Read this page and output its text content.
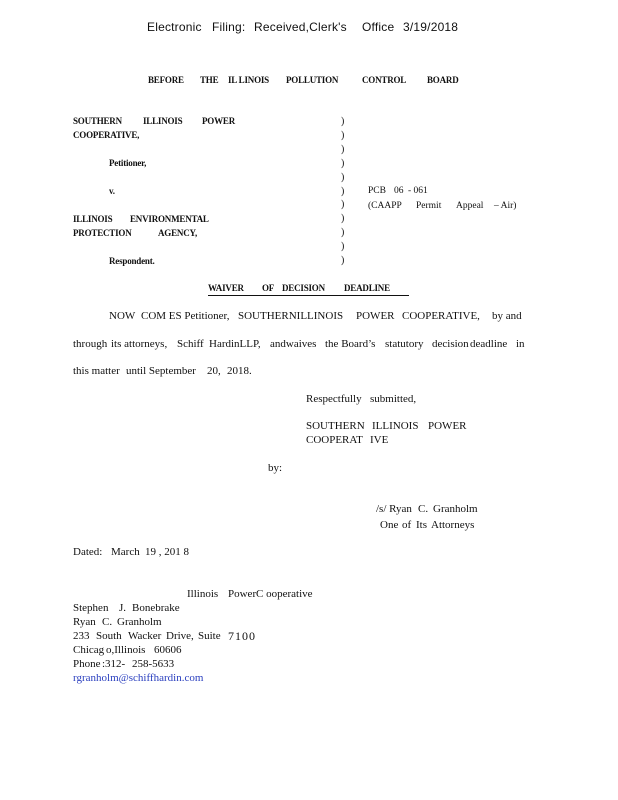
Electronic Filing: Received,Clerk's Office 3/19/2018
BEFORE THE IL LINOIS POLLUTION	CONTROL BOARD
SOUTHERN ILLINOIS POWER
COOPERATIVE,
Petitioner,
v.
ILLINOIS ENVIRONMENTAL
PROTECTION	AGENCY,
Respondent.
)
)
)
)
)
)
)
)
)
)
)
PCB 06 - 061
(CAAPP Permit Appeal – Air)
WAIVER OF DECISION DEADLINE
NOW COM ES Petitioner, SOUTHERNILLINOIS POWER COOPERATIVE, by and
through its attorneys, Schiff HardinLLP, andwaives the Board’s statutory decision deadline in
this matter until September 20, 2018.
Respectfully submitted,
SOUTHERN ILLINOIS POWER
COOPERAT IVE
by:
/s/ Ryan C. Granholm
One of Its Attorneys
Dated: March 19 , 201 8
Illinois Power C ooperative
Stephen J. Bonebrake
Ryan C. Granholm
233 South Wacker Drive, Suite 7100
Chicag o,Illinois 60606
Phone :312- 258-5633
rgranholm@schiffhardin.com
